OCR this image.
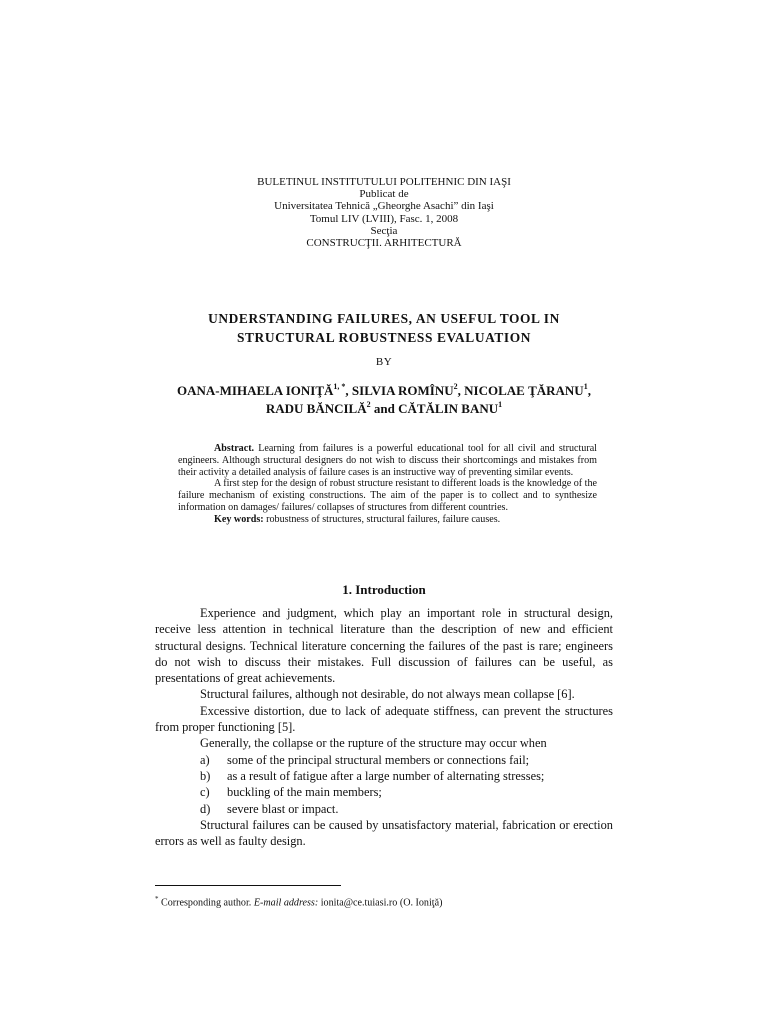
BULETINUL INSTITUTULUI POLITEHNIC DIN IAŞI
Publicat de
Universitatea Tehnică „Gheorghe Asachi” din Iaşi
Tomul LIV (LVIII), Fasc. 1, 2008
Secţia
CONSTRUCŢII. ARHITECTURĂ
UNDERSTANDING FAILURES, AN USEFUL TOOL IN
STRUCTURAL ROBUSTNESS EVALUATION
BY
OANA-MIHAELA $IONIŢĂ^{1, *}$, SILVIA ROMÎNU$^2$, NICOLAE ŢĂRANU$^1$,
RADU BĂNCILĂ$^2$ and CĂTĂLIN BANU$^1$

Abstract. Learning from failures is a powerful educational tool for all civil and structural engineers. Although structural designers do not wish to discuss their shortcomings and mistakes from their activity a detailed analysis of failure cases is an instructive way of preventing similar events.

A first step for the design of robust structure resistant to different loads is the knowledge of the failure mechanism of existing constructions. The aim of the paper is to collect and to synthesize information on damages/ failures/ collapses of structures from different countries.

Key words: robustness of structures, structural failures, failure causes.

1. Introduction

Experience and judgment, which play an important role in structural design, receive less attention in technical literature than the description of new and efficient structural designs. Technical literature concerning the failures of the past is rare; engineers do not wish to discuss their mistakes. Full discussion of failures can be useful, as presentations of great achievements.

Structural failures, although not desirable, do not always mean collapse [6].

Excessive distortion, due to lack of adequate stiffness, can prevent the structures from proper functioning [5].

Generally, the collapse or the rupture of the structure may occur when

a) some of the principal structural members or connections fail;
b) as a result of fatigue after a large number of alternating stresses;
c) buckling of the main members;
d) severe blast or impact.

Structural failures can be caused by unsatisfactory material, fabrication or erection errors as well as faulty design.

* Corresponding author. E-mail address: ionita@ce.tuiasi.ro (O. Ioniţă)
